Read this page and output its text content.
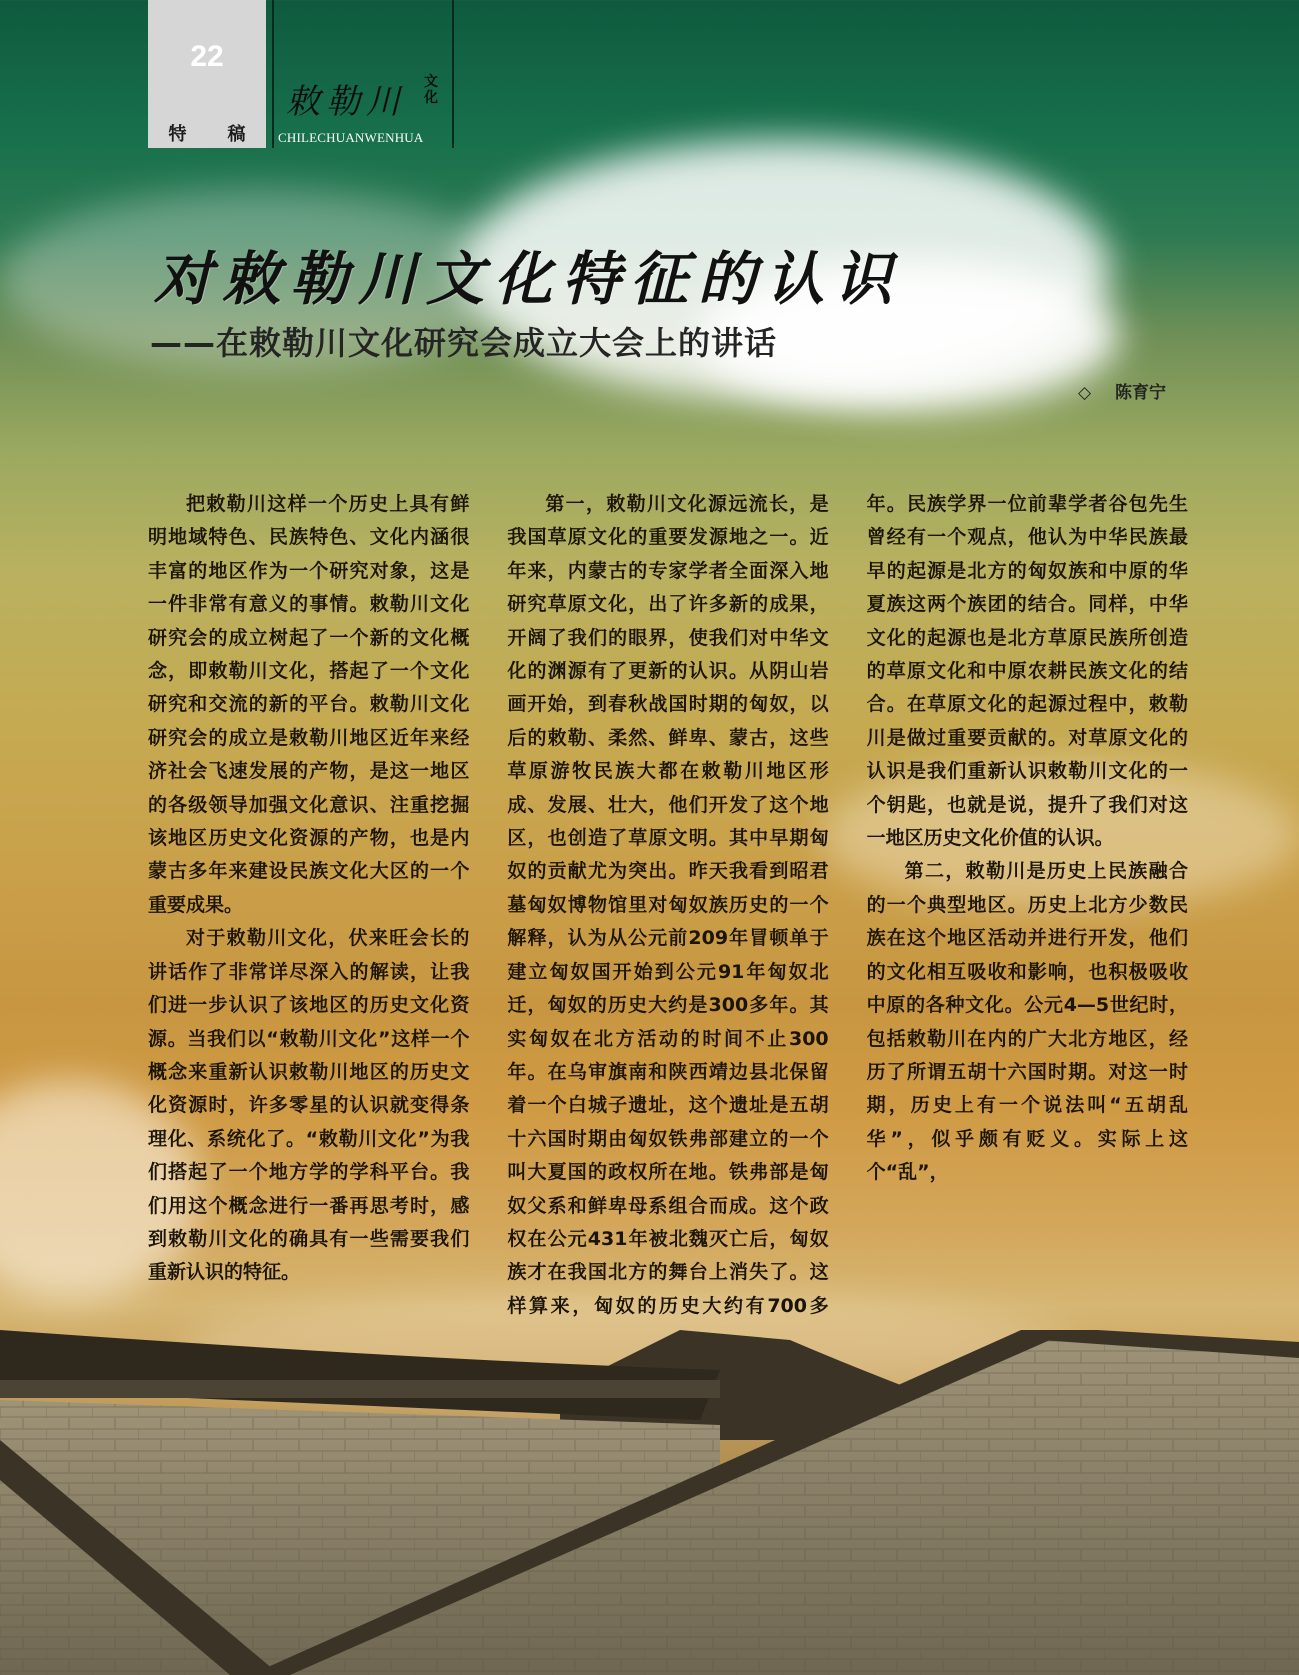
22
特 稿
敕勒川 文化
CHILECHUANWENHUA
对敕勒川文化特征的认识
——在敕勒川文化研究会成立大会上的讲话
◇ 陈育宁

把敕勒川这样一个历史上具有鲜明地域特色、民族特色、文化内涵很丰富的地区作为一个研究对象，这是一件非常有意义的事情。敕勒川文化研究会的成立树起了一个新的文化概念，即敕勒川文化，搭起了一个文化研究和交流的新的平台。敕勒川文化研究会的成立是敕勒川地区近年来经济社会飞速发展的产物，是这一地区的各级领导加强文化意识、注重挖掘该地区历史文化资源的产物，也是内蒙古多年来建设民族文化大区的一个重要成果。

对于敕勒川文化，伏来旺会长的讲话作了非常详尽深入的解读，让我们进一步认识了该地区的历史文化资源。当我们以“敕勒川文化”这样一个概念来重新认识敕勒川地区的历史文化资源时，许多零星的认识就变得条理化、系统化了。“敕勒川文化”为我们搭起了一个地方学的学科平台。我们用这个概念进行一番再思考时，感到敕勒川文化的确具有一些需要我们重新认识的特征。

第一，敕勒川文化源远流长，是我国草原文化的重要发源地之一。近年来，内蒙古的专家学者全面深入地研究草原文化，出了许多新的成果，开阔了我们的眼界，使我们对中华文化的渊源有了更新的认识。从阴山岩画开始，到春秋战国时期的匈奴，以后的敕勒、柔然、鲜卑、蒙古，这些草原游牧民族大都在敕勒川地区形成、发展、壮大，他们开发了这个地区，也创造了草原文明。其中早期匈奴的贡献尤为突出。昨天我看到昭君墓匈奴博物馆里对匈奴族历史的一个解释，认为从公元前209年冒顿单于建立匈奴国开始到公元91年匈奴北迁，匈奴的历史大约是300多年。其实匈奴在北方活动的时间不止300年。在乌审旗南和陕西靖边县北保留着一个白城子遗址，这个遗址是五胡十六国时期由匈奴铁弗部建立的一个叫大夏国的政权所在地。铁弗部是匈奴父系和鲜卑母系组合而成。这个政权在公元431年被北魏灭亡后，匈奴族才在我国北方的舞台上消失了。这样算来，匈奴的历史大约有700多年。民族学界一位前辈学者谷包先生曾经有一个观点，他认为中华民族最早的起源是北方的匈奴族和中原的华夏族这两个族团的结合。同样，中华文化的起源也是北方草原民族所创造的草原文化和中原农耕民族文化的结合。在草原文化的起源过程中，敕勒川是做过重要贡献的。对草原文化的认识是我们重新认识敕勒川文化的一个钥匙，也就是说，提升了我们对这一地区历史文化价值的认识。

第二，敕勒川是历史上民族融合的一个典型地区。历史上北方少数民族在这个地区活动并进行开发，他们的文化相互吸收和影响，也积极吸收中原的各种文化。公元4—5世纪时，包括敕勒川在内的广大北方地区，经历了所谓五胡十六国时期。对这一时期，历史上有一个说法叫“五胡乱华”，似乎颇有贬义。实际上这个“乱”，
